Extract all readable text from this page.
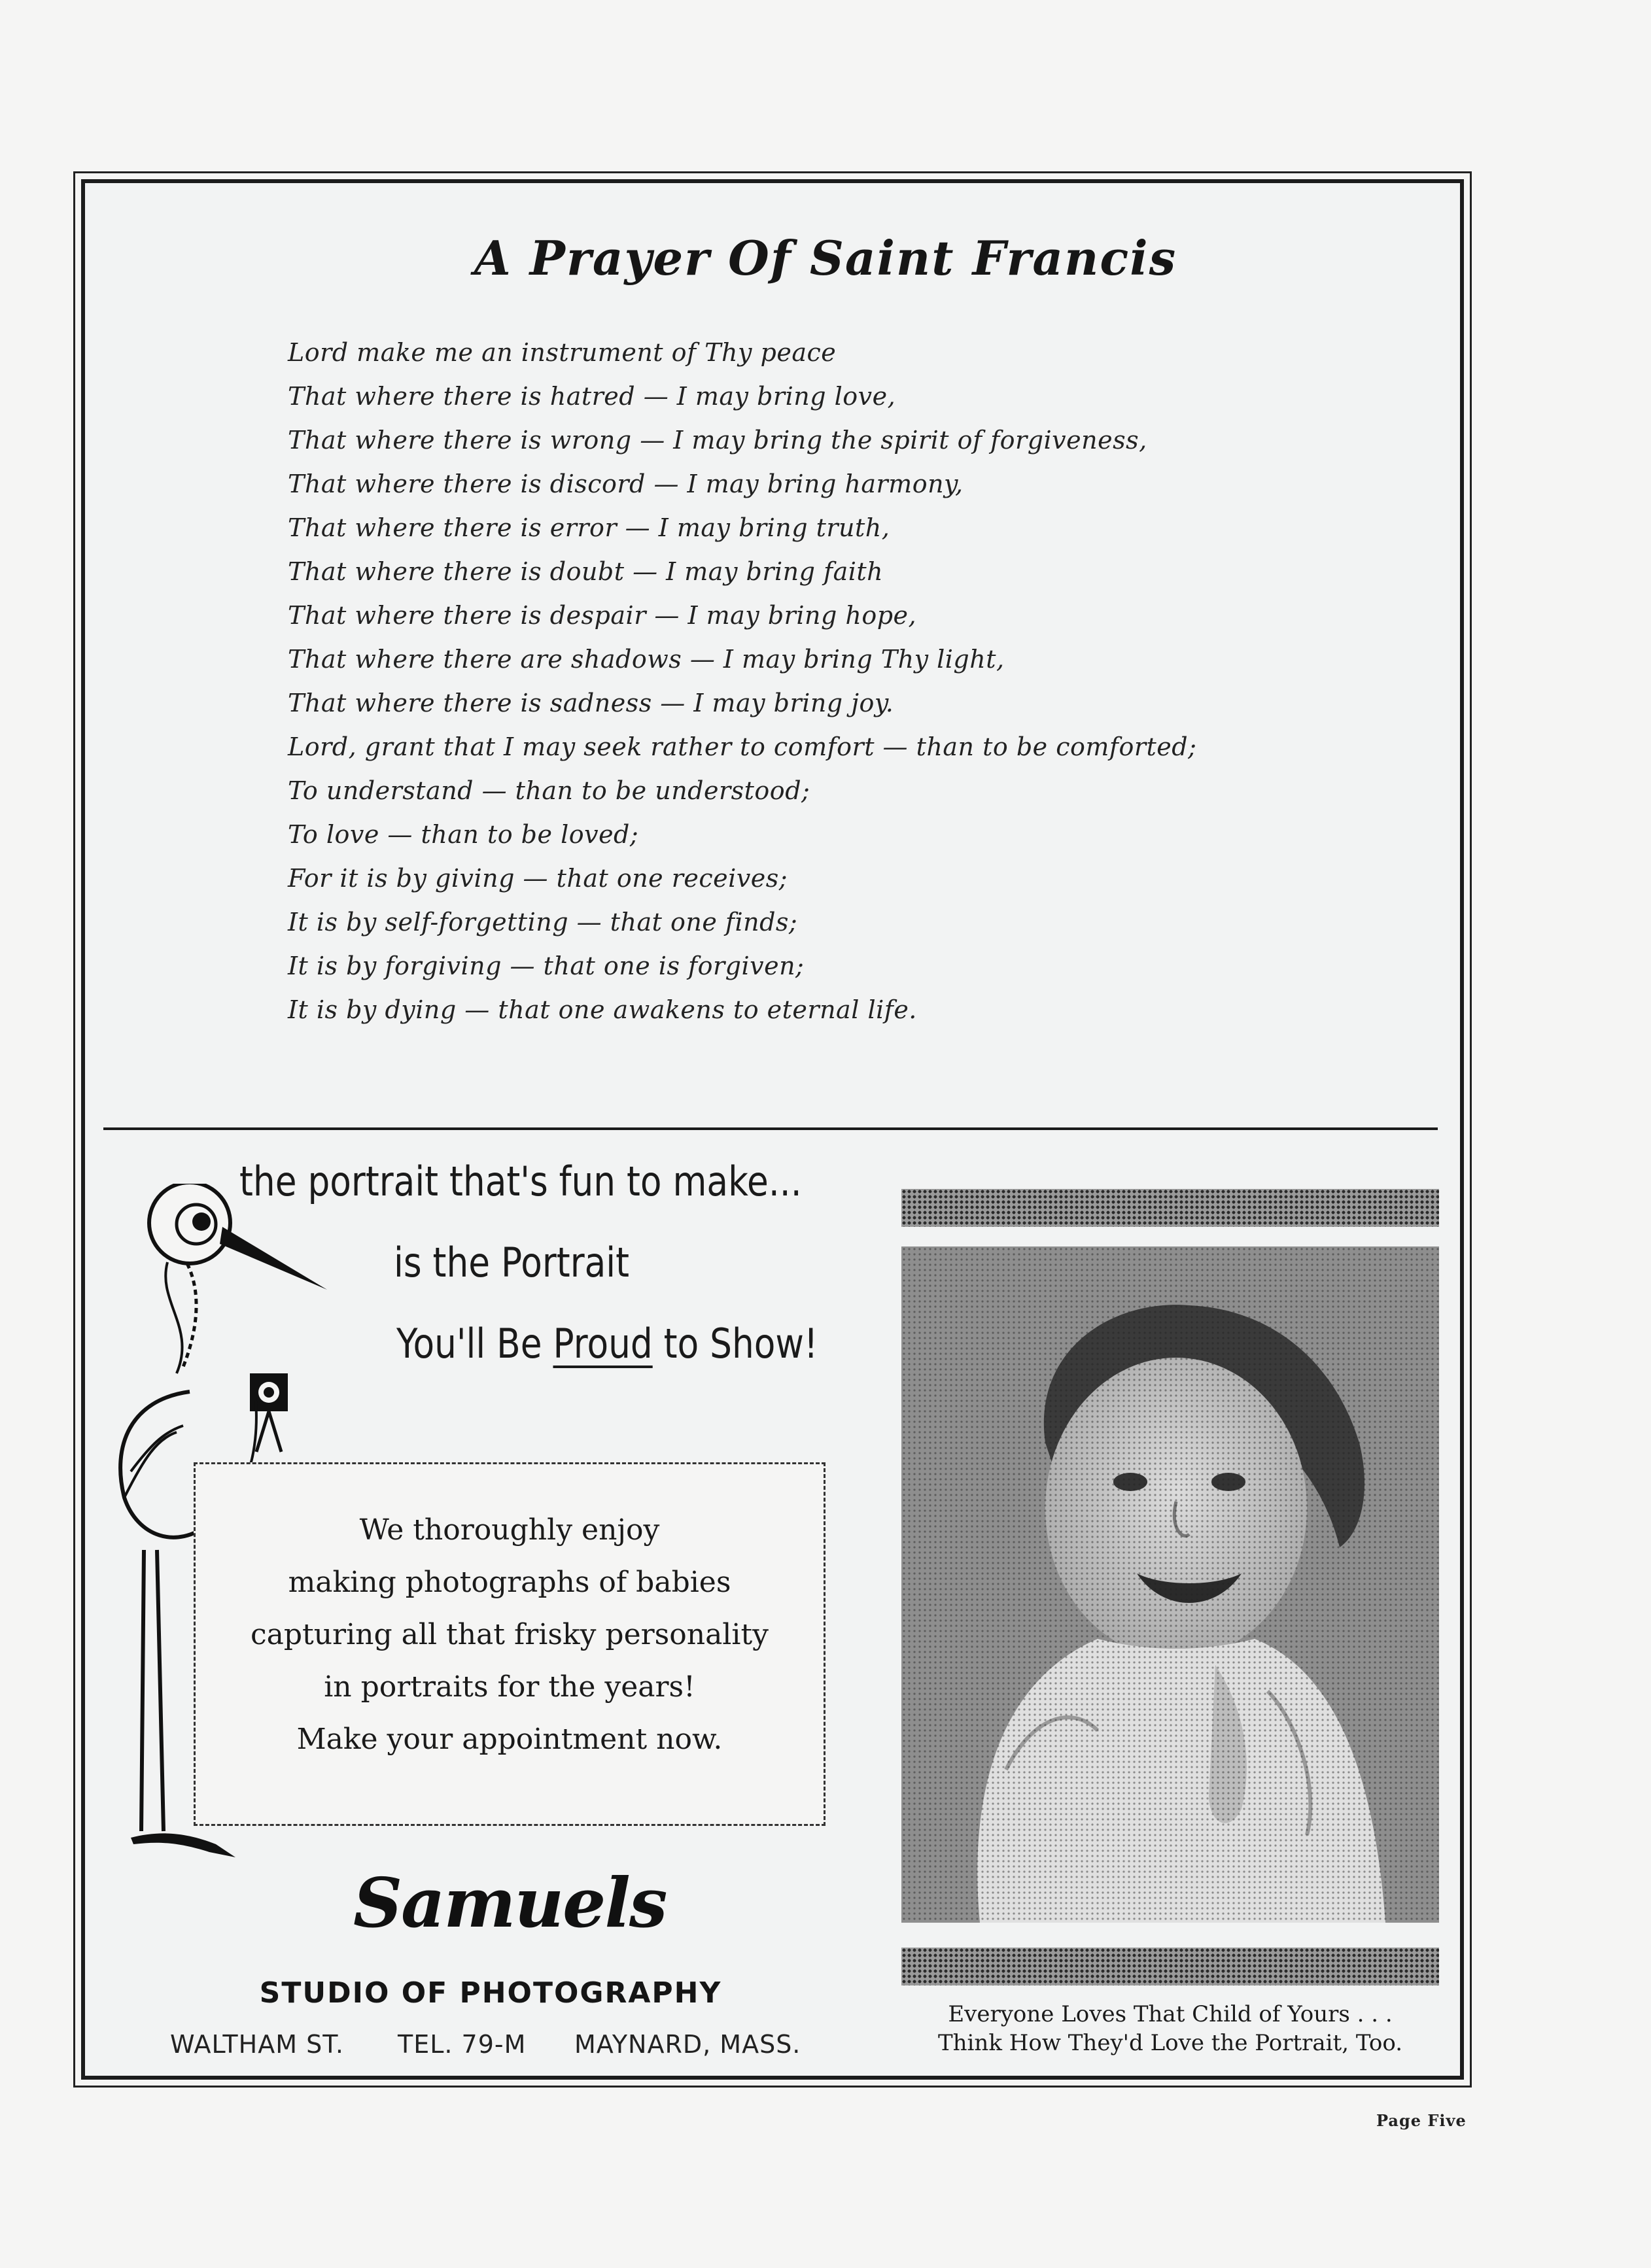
A Prayer Of Saint Francis
Lord make me an instrument of Thy peace
That where there is hatred — I may bring love,
That where there is wrong — I may bring the spirit of forgiveness,
That where there is discord — I may bring harmony,
That where there is error — I may bring truth,
That where there is doubt — I may bring faith
That where there is despair — I may bring hope,
That where there are shadows — I may bring Thy light,
That where there is sadness — I may bring joy.
Lord, grant that I may seek rather to comfort — than to be comforted;
To understand — than to be understood;
To love — than to be loved;
For it is by giving — that one receives;
It is by self-forgetting — that one finds;
It is by forgiving — that one is forgiven;
It is by dying — that one awakens to eternal life.
the portrait that's fun to make...
is the Portrait
You'll Be Proud to Show!
We thoroughly enjoy
making photographs of babies
capturing all that frisky personality
in portraits for the years!
Make your appointment now.
Samuels
STUDIO OF PHOTOGRAPHY
WALTHAM ST. TEL. 79-M MAYNARD, MASS.
Everyone Loves That Child of Yours . . .
Think How They'd Love the Portrait, Too.
Page Five
